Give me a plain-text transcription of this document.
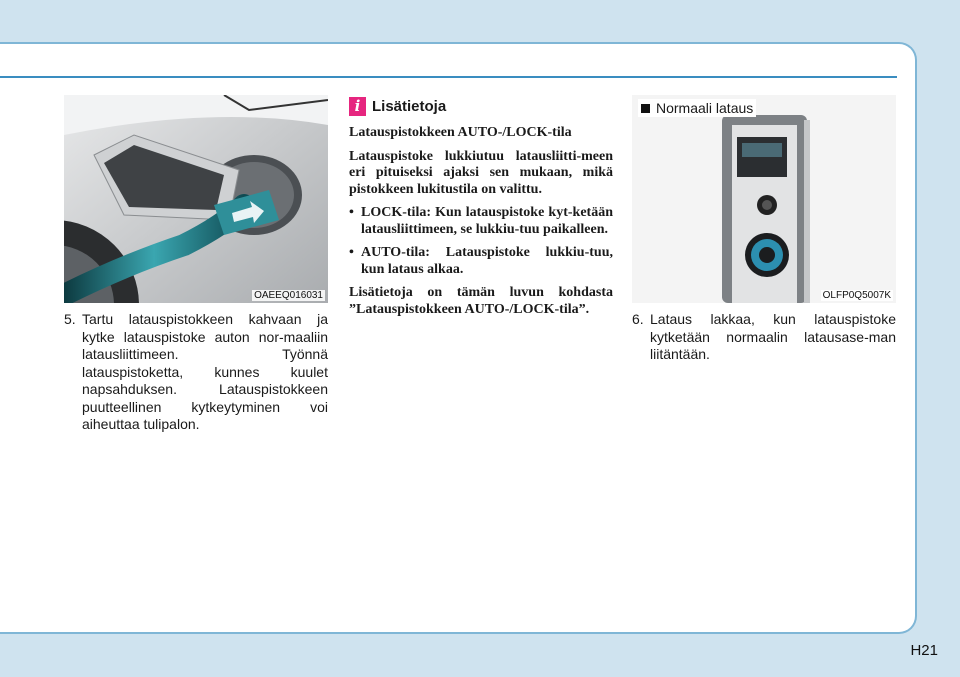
OAEEQ016031
5. Tartu latauspistokkeen kahvaan ja kytke latauspistoke auton nor-maaliin latausliittimeen. Työnnä latauspistoketta, kunnes kuulet napsahduksen. Latauspistokkeen puutteellinen kytkeytyminen voi aiheuttaa tulipalon.
i Lisätietoja

Latauspistokkeen AUTO-/LOCK-tila

Latauspistoke lukkiutuu latausliitti-meen eri pituiseksi ajaksi sen mukaan, mikä pistokkeen lukitustila on valittu.

• LOCK-tila: Kun latauspistoke kyt-ketään latausliittimeen, se lukkiu-tuu paikalleen.
• AUTO-tila: Latauspistoke lukkiu-tuu, kun lataus alkaa.

Lisätietoja on tämän luvun kohdasta ”Latauspistokkeen AUTO-/LOCK-tila”.

Normaali lataus
OLFP0Q5007K
6. Lataus lakkaa, kun latauspistoke kytketään normaalin latausase-man liitäntään.
H21
